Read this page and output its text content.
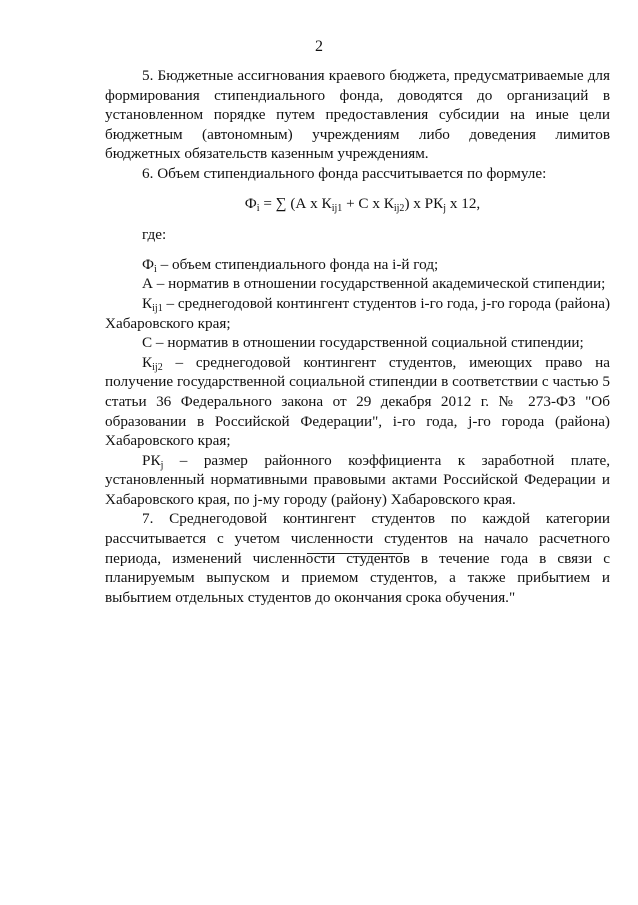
2

5. Бюджетные ассигнования краевого бюджета, предусматриваемые для формирования стипендиального фонда, доводятся до организаций в установленном порядке путем предоставления субсидии на иные цели бюджетным (автономным) учреждениям либо доведения лимитов бюджетных обязательств казенным учреждениям.

6. Объем стипендиального фонда рассчитывается по формуле:

$Ф_i$ = ∑ (А х $К_{ij1} + С$ х $К_{ij2}$) х $РК_j$ х 12,

где:

$Ф_i$ – объем стипендиального фонда на i-й год;

А – норматив в отношении государственной академической стипендии;

$К_{ij1}$ – среднегодовой контингент студентов i-го года, j-го города (района) Хабаровского края;

С – норматив в отношении государственной социальной стипендии;

$К_{ij2}$ – среднегодовой контингент студентов, имеющих право на получение государственной социальной стипендии в соответствии с частью 5 статьи 36 Федерального закона от 29 декабря 2012 г. № 273-ФЗ "Об образовании в Российской Федерации", i-го года, j-го города (района) Хабаровского края;

$РК_j$ – размер районного коэффициента к заработной плате, установленный нормативными правовыми актами Российской Федерации и Хабаровского края, по j-му городу (району) Хабаровского края.

7. Среднегодовой контингент студентов по каждой категории рассчитывается с учетом численности студентов на начало расчетного периода, изменений численности студентов в течение года в связи с планируемым выпуском и приемом студентов, а также прибытием и выбытием отдельных студентов до окончания срока обучения."
